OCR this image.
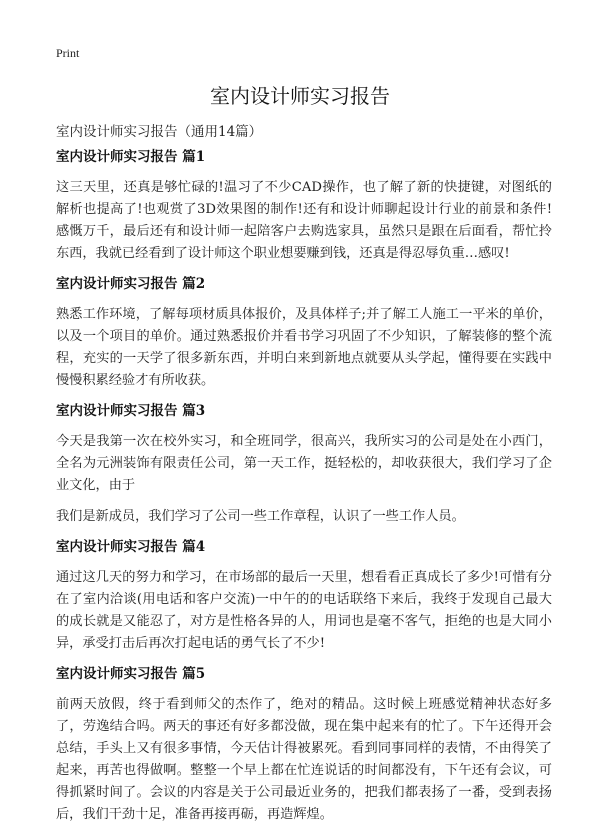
Print
室内设计师实习报告
室内设计师实习报告（通用14篇）
室内设计师实习报告 篇1

这三天里，还真是够忙碌的!温习了不少CAD操作，也了解了新的快捷键，对图纸的解析也提高了!也观赏了3D效果图的制作!还有和设计师聊起设计行业的前景和条件!感慨万千，最后还有和设计师一起陪客户去购选家具，虽然只是跟在后面看，帮忙拎东西，我就已经看到了设计师这个职业想要赚到钱，还真是得忍辱负重…感叹!

室内设计师实习报告 篇2

熟悉工作环境，了解每项材质具体报价，及具体样子;并了解工人施工一平米的单价，以及一个项目的单价。通过熟悉报价并看书学习巩固了不少知识，了解装修的整个流程，充实的一天学了很多新东西，并明白来到新地点就要从头学起，懂得要在实践中慢慢积累经验才有所收获。

室内设计师实习报告 篇3

今天是我第一次在校外实习，和全班同学，很高兴，我所实习的公司是处在小西门，全名为元洲装饰有限责任公司，第一天工作，挺轻松的，却收获很大，我们学习了企业文化，由于

我们是新成员，我们学习了公司一些工作章程，认识了一些工作人员。

室内设计师实习报告 篇4

通过这几天的努力和学习，在市场部的最后一天里，想看看正真成长了多少!可惜有分在了室内洽谈(用电话和客户交流)一中午的的电话联络下来后，我终于发现自己最大的成长就是又能忍了，对方是性格各异的人，用词也是毫不客气，拒绝的也是大同小异，承受打击后再次打起电话的勇气长了不少!

室内设计师实习报告 篇5

前两天放假，终于看到师父的杰作了，绝对的精品。这时候上班感觉精神状态好多了，劳逸结合吗。两天的事还有好多都没做，现在集中起来有的忙了。下午还得开会总结，手头上又有很多事情，今天估计得被累死。看到同事同样的表情，不由得笑了起来，再苦也得做啊。整整一个早上都在忙连说话的时间都没有，下午还有会议，可得抓紧时间了。会议的内容是关于公司最近业务的，把我们都表扬了一番，受到表扬后，我们干劲十足，准备再接再砺，再造辉煌。
